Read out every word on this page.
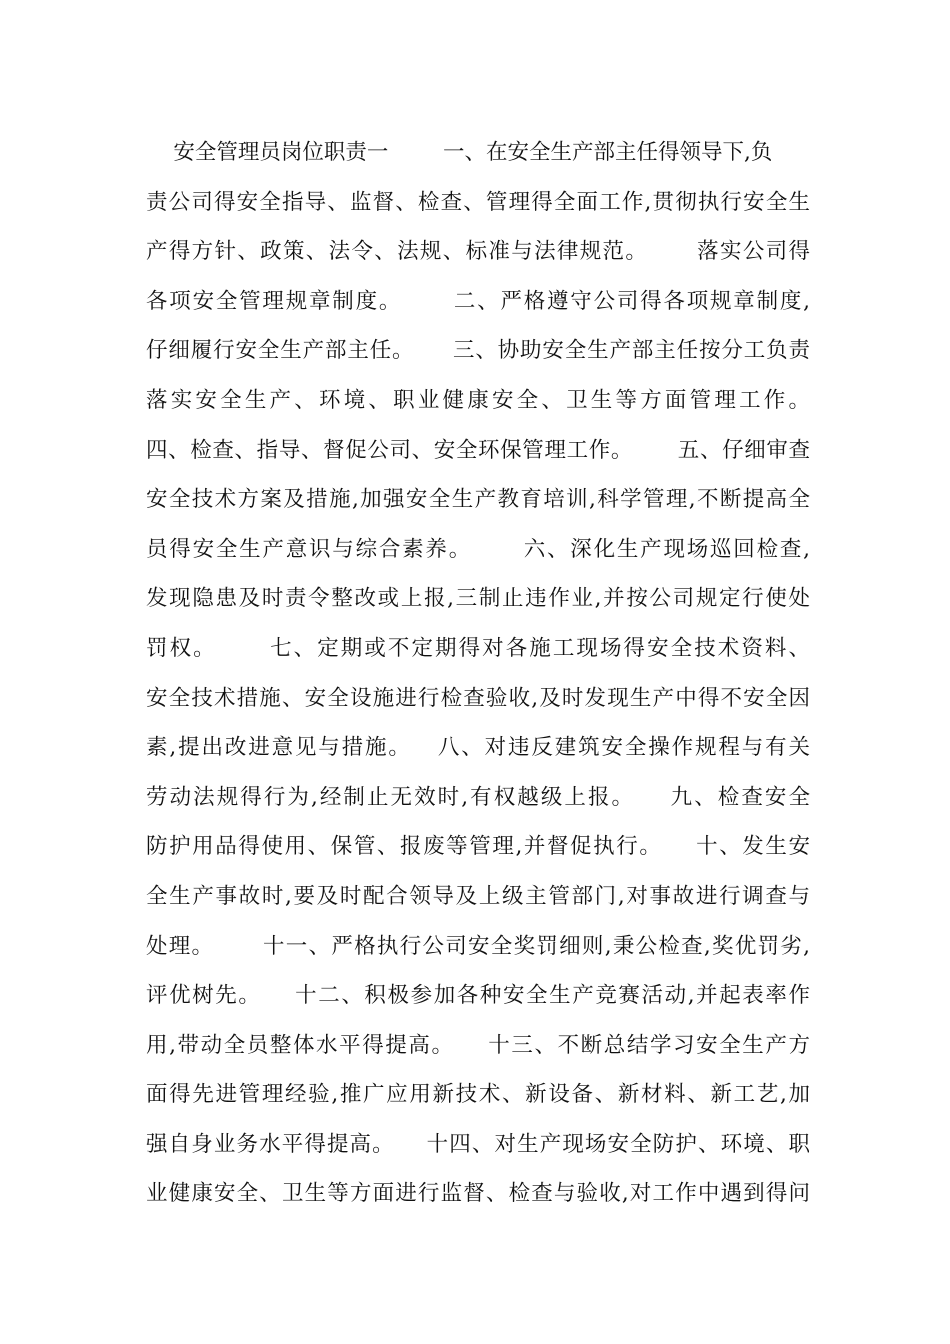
安全管理员岗位职责一        一、在安全生产部主任得领导下,负
责公司得安全指导、监督、检查、管理得全面工作,贯彻执行安全生
产得方针、政策、法令、法规、标准与法律规范。      落实公司得
各项安全管理规章制度。      二、严格遵守公司得各项规章制度,
仔细履行安全生产部主任。     三、协助安全生产部主任按分工负责
落实安全生产、环境、职业健康安全、卫生等方面管理工作。
四、检查、指导、督促公司、安全环保管理工作。      五、仔细审查
安全技术方案及措施,加强安全生产教育培训,科学管理,不断提高全
员得安全生产意识与综合素养。      六、深化生产现场巡回检查,
发现隐患及时责令整改或上报,三制止违作业,并按公司规定行使处
罚权。      七、定期或不定期得对各施工现场得安全技术资料、
安全技术措施、安全设施进行检查验收,及时发现生产中得不安全因
素,提出改进意见与措施。   八、对违反建筑安全操作规程与有关
劳动法规得行为,经制止无效时,有权越级上报。    九、检查安全
防护用品得使用、保管、报废等管理,并督促执行。    十、发生安
全生产事故时,要及时配合领导及上级主管部门,对事故进行调查与
处理。      十一、严格执行公司安全奖罚细则,秉公检查,奖优罚劣,
评优树先。    十二、积极参加各种安全生产竞赛活动,并起表率作
用,带动全员整体水平得提高。    十三、不断总结学习安全生产方
面得先进管理经验,推广应用新技术、新设备、新材料、新工艺,加
强自身业务水平得提高。    十四、对生产现场安全防护、环境、职
业健康安全、卫生等方面进行监督、检查与验收,对工作中遇到得问
